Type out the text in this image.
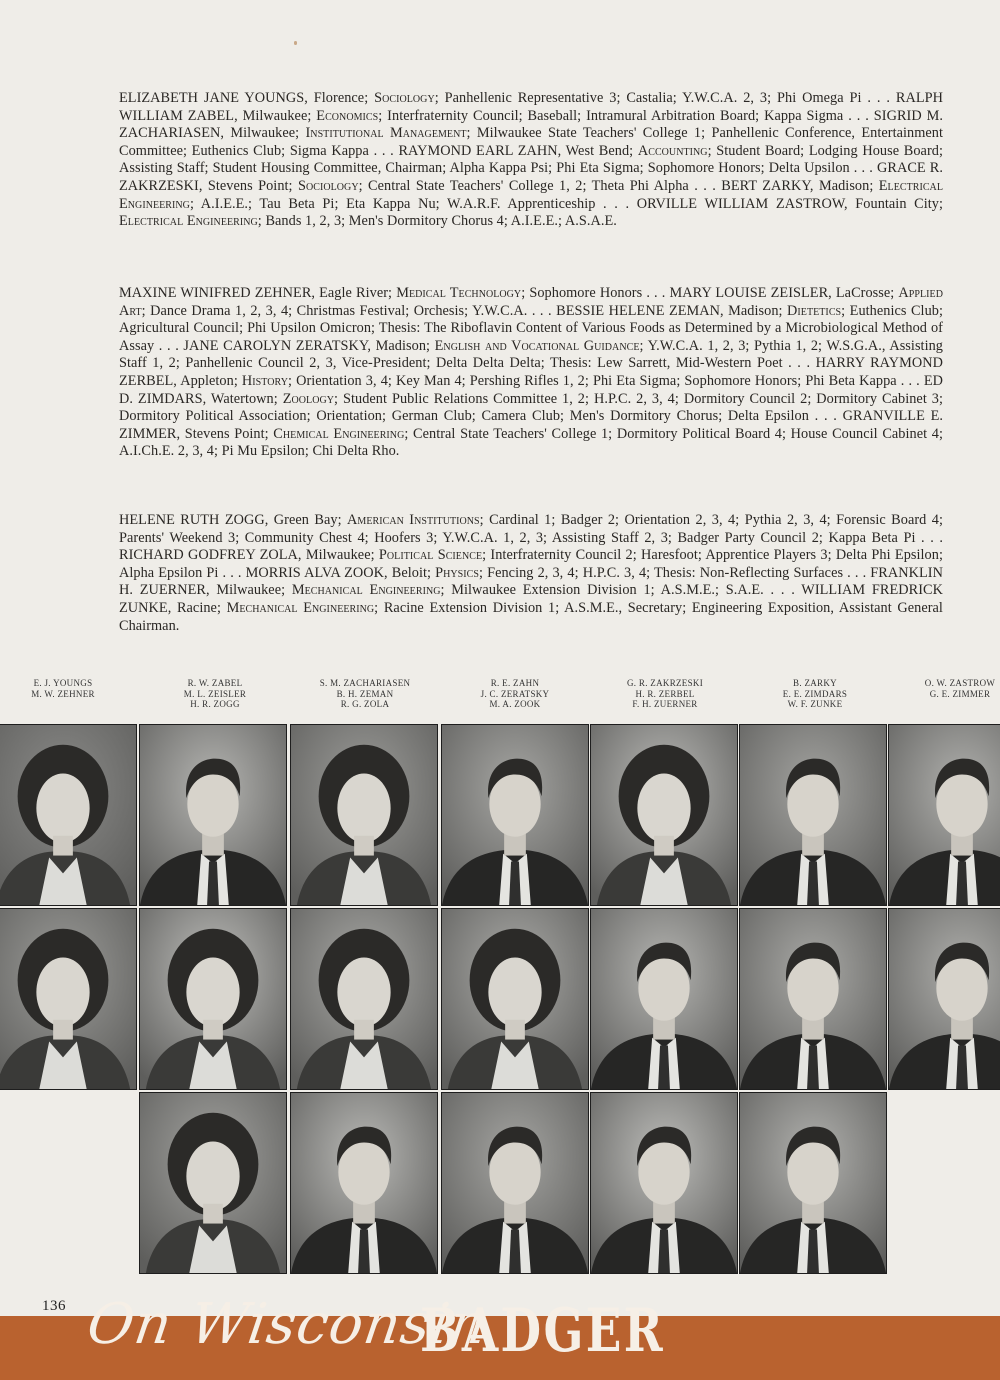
ELIZABETH JANE YOUNGS, Florence; Sociology; Panhellenic Representative 3; Castalia; Y.W.C.A. 2, 3; Phi Omega Pi . . . RALPH WILLIAM ZABEL, Milwaukee; Economics; Interfraternity Council; Baseball; Intramural Arbitration Board; Kappa Sigma . . . SIGRID M. ZACHARIASEN, Milwaukee; Institutional Management; Milwaukee State Teachers' College 1; Panhellenic Conference, Entertainment Committee; Euthenics Club; Sigma Kappa . . . RAYMOND EARL ZAHN, West Bend; Accounting; Student Board; Lodging House Board; Assisting Staff; Student Housing Committee, Chairman; Alpha Kappa Psi; Phi Eta Sigma; Sophomore Honors; Delta Upsilon . . . GRACE R. ZAKRZESKI, Stevens Point; Sociology; Central State Teachers' College 1, 2; Theta Phi Alpha . . . BERT ZARKY, Madison; Electrical Engineering; A.I.E.E.; Tau Beta Pi; Eta Kappa Nu; W.A.R.F. Apprenticeship . . . ORVILLE WILLIAM ZASTROW, Fountain City; Electrical Engineering; Bands 1, 2, 3; Men's Dormitory Chorus 4; A.I.E.E.; A.S.A.E.

MAXINE WINIFRED ZEHNER, Eagle River; Medical Technology; Sophomore Honors . . . MARY LOUISE ZEISLER, LaCrosse; Applied Art; Dance Drama 1, 2, 3, 4; Christmas Festival; Orchesis; Y.W.C.A. . . . BESSIE HELENE ZEMAN, Madison; Dietetics; Euthenics Club; Agricultural Council; Phi Upsilon Omicron; Thesis: The Riboflavin Content of Various Foods as Determined by a Microbiological Method of Assay . . . JANE CAROLYN ZERATSKY, Madison; English and Vocational Guidance; Y.W.C.A. 1, 2, 3; Pythia 1, 2; W.S.G.A., Assisting Staff 1, 2; Panhellenic Council 2, 3, Vice-President; Delta Delta Delta; Thesis: Lew Sarrett, Mid-Western Poet . . . HARRY RAYMOND ZERBEL, Appleton; History; Orientation 3, 4; Key Man 4; Pershing Rifles 1, 2; Phi Eta Sigma; Sophomore Honors; Phi Beta Kappa . . . ED D. ZIMDARS, Watertown; Zoology; Student Public Relations Committee 1, 2; H.P.C. 2, 3, 4; Dormitory Council 2; Dormitory Cabinet 3; Dormitory Political Association; Orientation; German Club; Camera Club; Men's Dormitory Chorus; Delta Epsilon . . . GRANVILLE E. ZIMMER, Stevens Point; Chemical Engineering; Central State Teachers' College 1; Dormitory Political Board 4; House Council Cabinet 4; A.I.Ch.E. 2, 3, 4; Pi Mu Epsilon; Chi Delta Rho.

HELENE RUTH ZOGG, Green Bay; American Institutions; Cardinal 1; Badger 2; Orientation 2, 3, 4; Pythia 2, 3, 4; Forensic Board 4; Parents' Weekend 3; Community Chest 4; Hoofers 3; Y.W.C.A. 1, 2, 3; Assisting Staff 2, 3; Badger Party Council 2; Kappa Beta Pi . . . RICHARD GODFREY ZOLA, Milwaukee; Political Science; Interfraternity Council 2; Haresfoot; Apprentice Players 3; Delta Phi Epsilon; Alpha Epsilon Pi . . . MORRIS ALVA ZOOK, Beloit; Physics; Fencing 2, 3, 4; H.P.C. 3, 4; Thesis: Non-Reflecting Surfaces . . . FRANKLIN H. ZUERNER, Milwaukee; Mechanical Engineering; Milwaukee Extension Division 1; A.S.M.E.; S.A.E. . . . WILLIAM FREDRICK ZUNKE, Racine; Mechanical Engineering; Racine Extension Division 1; A.S.M.E., Secretary; Engineering Exposition, Assistant General Chairman.

E. J. YOUNGS
M. W. ZEHNER
R. W. ZABEL
M. L. ZEISLER
H. R. ZOGG
S. M. ZACHARIASEN
B. H. ZEMAN
R. G. ZOLA
R. E. ZAHN
J. C. ZERATSKY
M. A. ZOOK
G. R. ZAKRZESKI
H. R. ZERBEL
F. H. ZUERNER
B. ZARKY
E. E. ZIMDARS
W. F. ZUNKE
O. W. ZASTROW
G. E. ZIMMER
136 On Wisconsin
BADGER
